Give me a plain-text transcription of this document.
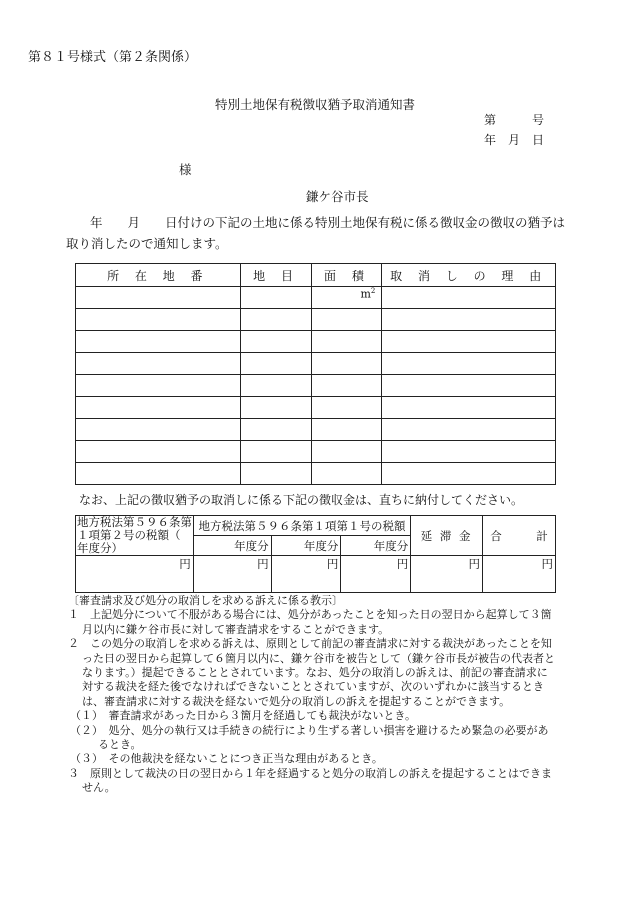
第８１号様式（第２条関係）
特別土地保有税徴収猶予取消通知書
第　　　号
年　月　日
様
鎌ケ谷市長
年　　月　　日付けの下記の土地に係る特別土地保有税に係る徴収金の徴収の猶予は取り消したので通知します。
所 在 地 番	地 目	面 積	取 消 し の 理 由
		$m^2$	

なお、上記の徴収猶予の取消しに係る下記の徴収金は、直ちに納付してください。
地方税法第５９６条第１項第２号の税額（　　　年度分）	地方税法第５９６条第１項第１号の税額			延 滞 金	合　　　計
	年度分	年度分	年度分		
円	円	円	円	円	円

〔審査請求及び処分の取消しを求める訴えに係る教示〕

１　上記処分について不服がある場合には、処分があったことを知った日の翌日から起算して３箇月以内に鎌ケ谷市長に対して審査請求をすることができます。

２　この処分の取消しを求める訴えは、原則として前記の審査請求に対する裁決があったことを知った日の翌日から起算して６箇月以内に、鎌ケ谷市を被告として（鎌ケ谷市長が被告の代表者となります。）提起できることとされています。なお、処分の取消しの訴えは、前記の審査請求に対する裁決を経た後でなければできないこととされていますが、次のいずれかに該当するときは、審査請求に対する裁決を経ないで処分の取消しの訴えを提起することができます。

（１）　審査請求があった日から３箇月を経過しても裁決がないとき。

（２）　処分、処分の執行又は手続きの続行により生ずる著しい損害を避けるため緊急の必要があるとき。

（３）　その他裁決を経ないことにつき正当な理由があるとき。

３　原則として裁決の日の翌日から１年を経過すると処分の取消しの訴えを提起することはできません。
